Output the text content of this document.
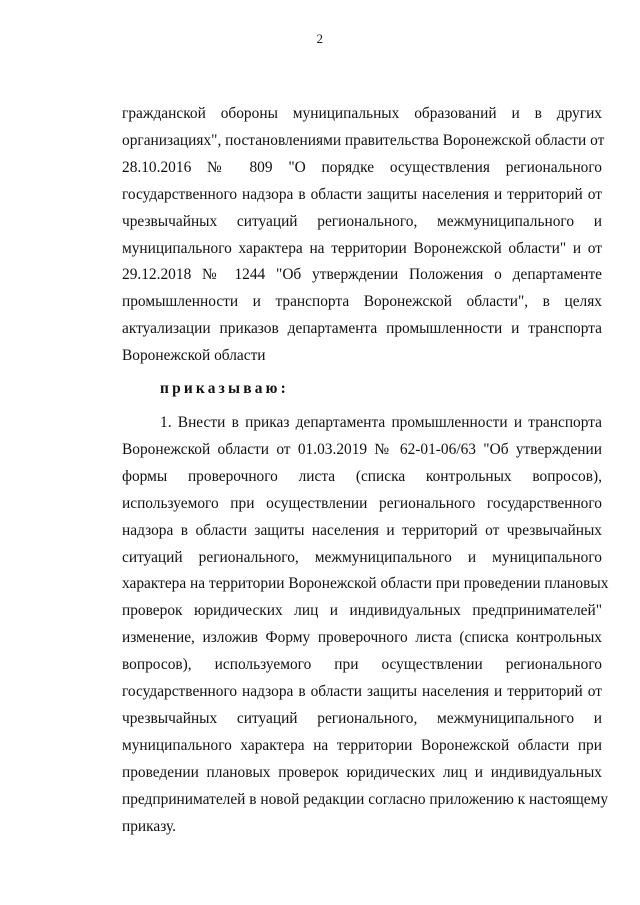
2

гражданской обороны муниципальных образований и в других
организациях", постановлениями правительства Воронежской области от
28.10.2016 № 809 "О порядке осуществления регионального
государственного надзора в области защиты населения и территорий от
чрезвычайных ситуаций регионального, межмуниципального и
муниципального характера на территории Воронежской области" и от
29.12.2018 № 1244 "Об утверждении Положения о департаменте
промышленности и транспорта Воронежской области", в целях
актуализации приказов департамента промышленности и транспорта
Воронежской области

приказываю:

1. Внести в приказ департамента промышленности и транспорта
Воронежской области от 01.03.2019 № 62-01-06/63 "Об утверждении
формы проверочного листа (списка контрольных вопросов),
используемого при осуществлении регионального государственного
надзора в области защиты населения и территорий от чрезвычайных
ситуаций регионального, межмуниципального и муниципального
характера на территории Воронежской области при проведении плановых
проверок юридических лиц и индивидуальных предпринимателей"
изменение, изложив Форму проверочного листа (списка контрольных
вопросов), используемого при осуществлении регионального
государственного надзора в области защиты населения и территорий от
чрезвычайных ситуаций регионального, межмуниципального и
муниципального характера на территории Воронежской области при
проведении плановых проверок юридических лиц и индивидуальных
предпринимателей в новой редакции согласно приложению к настоящему
приказу.
